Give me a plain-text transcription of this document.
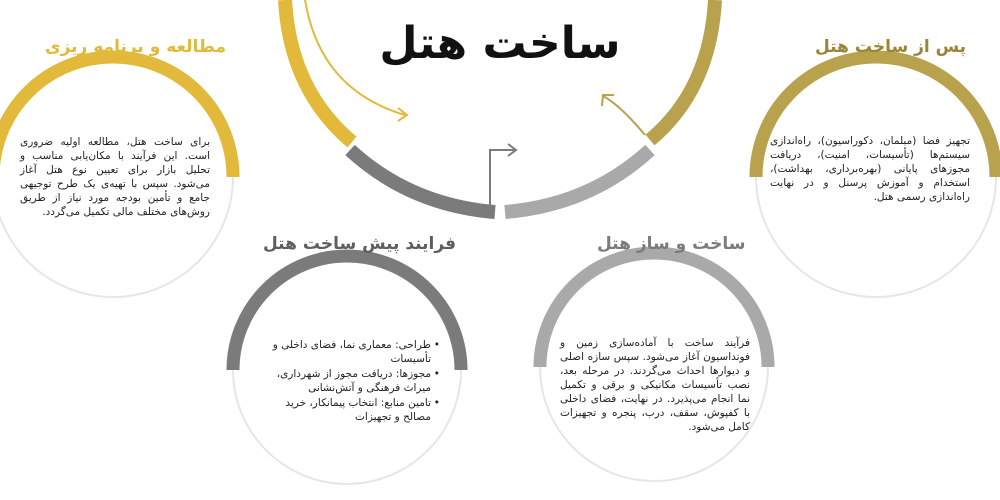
ساخت هتل
مطالعه و برنامه ریزی
برای ساخت هتل، مطالعه اولیه ضروری است. این فرآیند با مکان‌یابی مناسب و تحلیل بازار برای تعیین نوع هتل آغاز می‌شود. سپس با تهیه‌ی یک طرح توجیهی جامع و تأمین بودجه مورد نیاز از طریق روش‌های مختلف مالی تکمیل می‌گردد.
پس از ساخت هتل
تجهیز فضا (مبلمان، دکوراسیون)، راه‌اندازی سیستم‌ها (تأسیسات، امنیت)، دریافت مجوزهای پایانی (بهره‌برداری، بهداشت)، استخدام و آموزش پرسنل و در نهایت راه‌اندازی رسمی هتل.
فرایند پیش ساخت هتل
• طراحی: معماری نما، فضای داخلی و تأسیسات
• مجوزها: دریافت مجوز از شهرداری، میراث فرهنگی و آتش‌نشانی
• تامین منابع: انتخاب پیمانکار، خرید مصالح و تجهیزات
ساخت و ساز هتل
فرآیند ساخت با آماده‌سازی زمین و فونداسیون آغاز می‌شود. سپس سازه اصلی و دیوارها احداث می‌گردند. در مرحله بعد، نصب تأسیسات مکانیکی و برقی و تکمیل نما انجام می‌پذیرد. در نهایت، فضای داخلی با کفپوش، سقف، درب، پنجره و تجهیزات کامل می‌شود.
